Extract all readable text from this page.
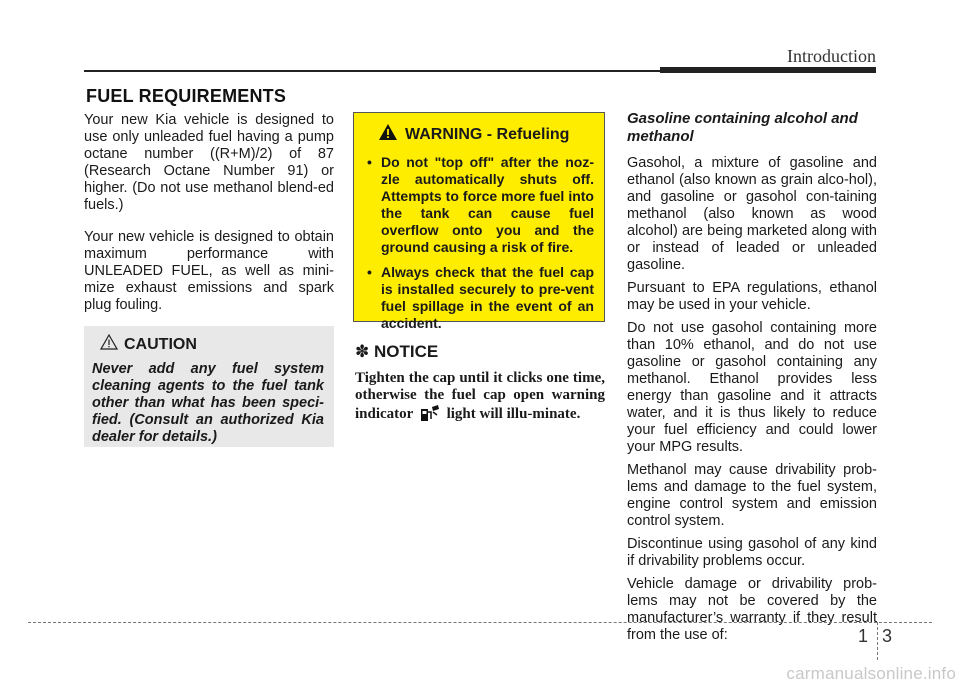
Introduction
FUEL REQUIREMENTS

Your new Kia vehicle is designed to use only unleaded fuel having a pump octane number ((R+M)/2) of 87 (Research Octane Number 91) or higher. (Do not use methanol blend-ed fuels.)

Your new vehicle is designed to obtain maximum performance with UNLEADED FUEL, as well as mini-mize exhaust emissions and spark plug fouling.

CAUTION

Never add any fuel system cleaning agents to the fuel tank other than what has been speci-fied. (Consult an authorized Kia dealer for details.)

WARNING - Refueling
• Do not "top off" after the noz-zle automatically shuts off. Attempts to force more fuel into the tank can cause fuel overflow onto you and the ground causing a risk of fire.
• Always check that the fuel cap is installed securely to pre-vent fuel spillage in the event of an accident.
✽ NOTICE

Tighten the cap until it clicks one time, otherwise the fuel cap open warning indicator light will illu-minate.

Gasoline containing alcohol and methanol

Gasohol, a mixture of gasoline and ethanol (also known as grain alco-hol), and gasoline or gasohol con-taining methanol (also known as wood alcohol) are being marketed along with or instead of leaded or unleaded gasoline.

Pursuant to EPA regulations, ethanol may be used in your vehicle.

Do not use gasohol containing more than 10% ethanol, and do not use gasoline or gasohol containing any methanol. Ethanol provides less energy than gasoline and it attracts water, and it is thus likely to reduce your fuel efficiency and could lower your MPG results.

Methanol may cause drivability prob-lems and damage to the fuel system, engine control system and emission control system.

Discontinue using gasohol of any kind if drivability problems occur.

Vehicle damage or drivability prob-lems may not be covered by the manufacturer’s warranty if they result from the use of:	1 3
carmanualsonline.info
